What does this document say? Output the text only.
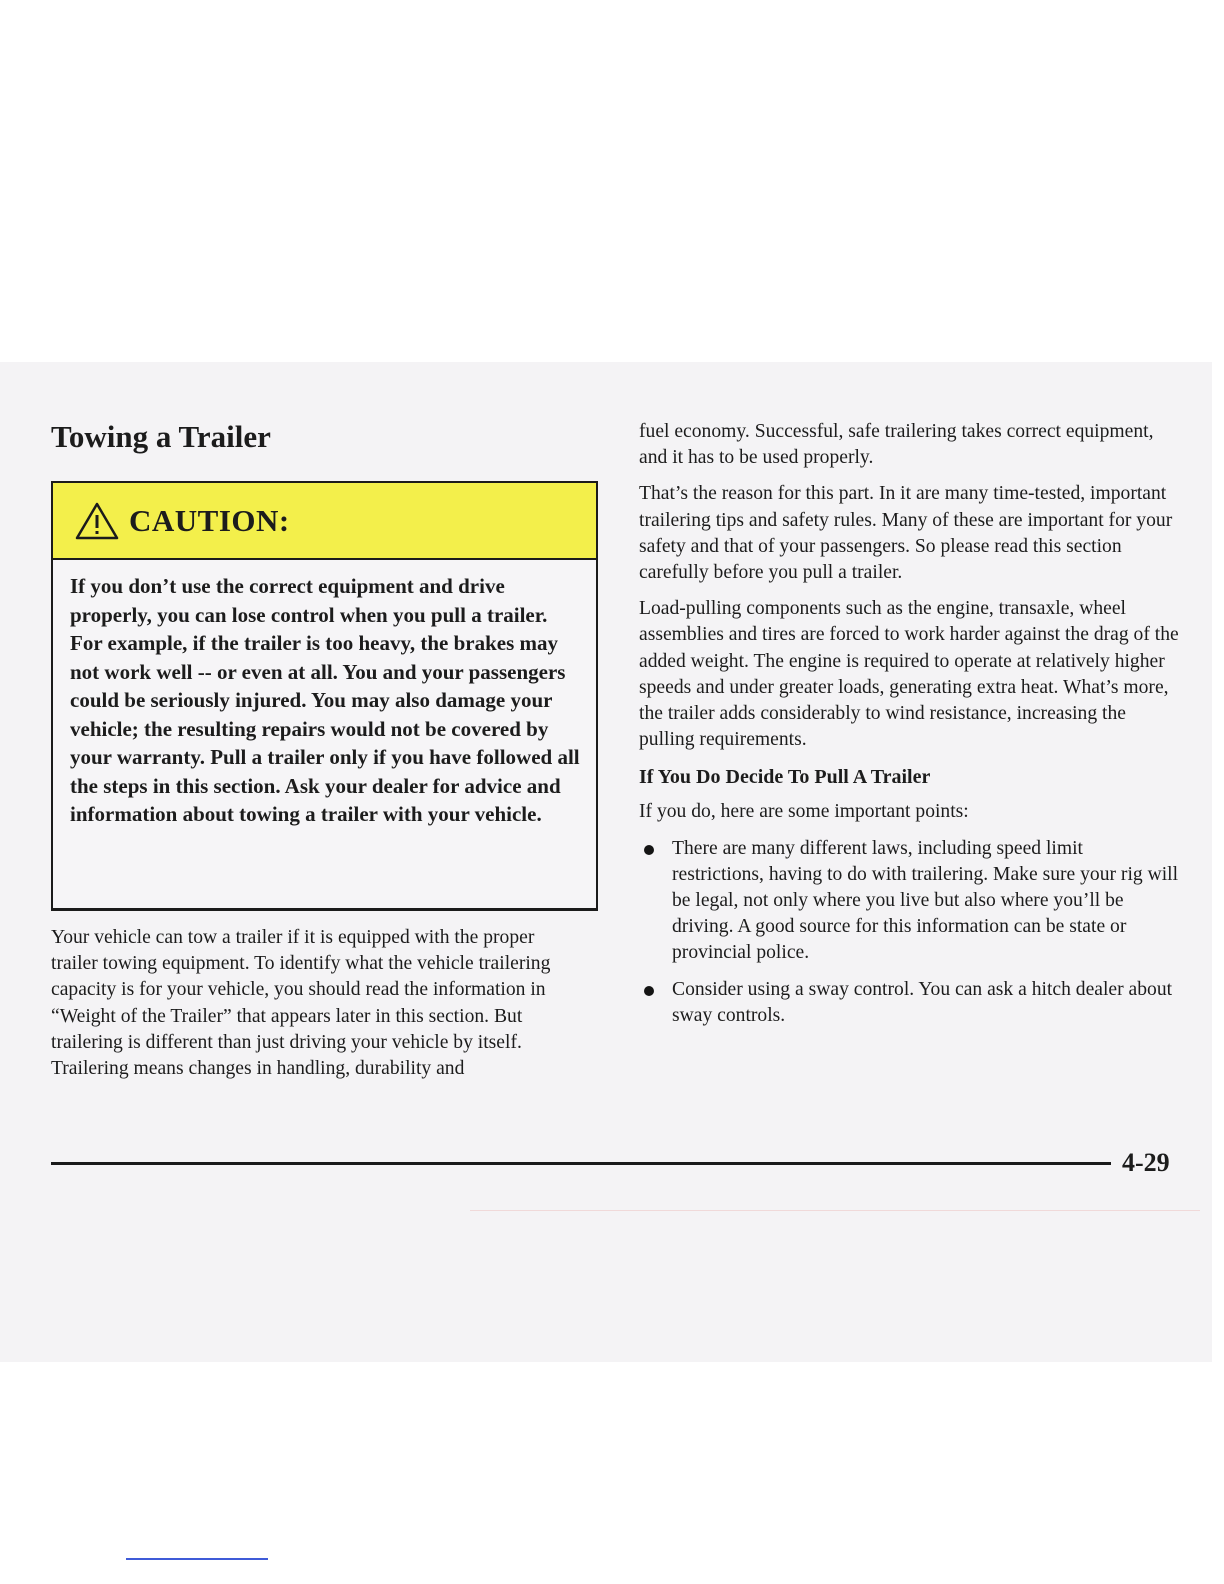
Towing a Trailer
CAUTION:

If you don’t use the correct equipment and drive properly, you can lose control when you pull a trailer. For example, if the trailer is too heavy, the brakes may not work well -- or even at all. You and your passengers could be seriously injured. You may also damage your vehicle; the resulting repairs would not be covered by your warranty. Pull a trailer only if you have followed all the steps in this section. Ask your dealer for advice and information about towing a trailer with your vehicle.

Your vehicle can tow a trailer if it is equipped with the proper trailer towing equipment. To identify what the vehicle trailering capacity is for your vehicle, you should read the information in “Weight of the Trailer” that appears later in this section. But trailering is different than just driving your vehicle by itself. Trailering means changes in handling, durability and

fuel economy. Successful, safe trailering takes correct equipment, and it has to be used properly.

That’s the reason for this part. In it are many time-tested, important trailering tips and safety rules. Many of these are important for your safety and that of your passengers. So please read this section carefully before you pull a trailer.

Load-pulling components such as the engine, transaxle, wheel assemblies and tires are forced to work harder against the drag of the added weight. The engine is required to operate at relatively higher speeds and under greater loads, generating extra heat. What’s more, the trailer adds considerably to wind resistance, increasing the pulling requirements.

If You Do Decide To Pull A Trailer

If you do, here are some important points:

There are many different laws, including speed limit restrictions, having to do with trailering. Make sure your rig will be legal, not only where you live but also where you’ll be driving. A good source for this information can be state or provincial police.
Consider using a sway control. You can ask a hitch dealer about sway controls.
4-29
